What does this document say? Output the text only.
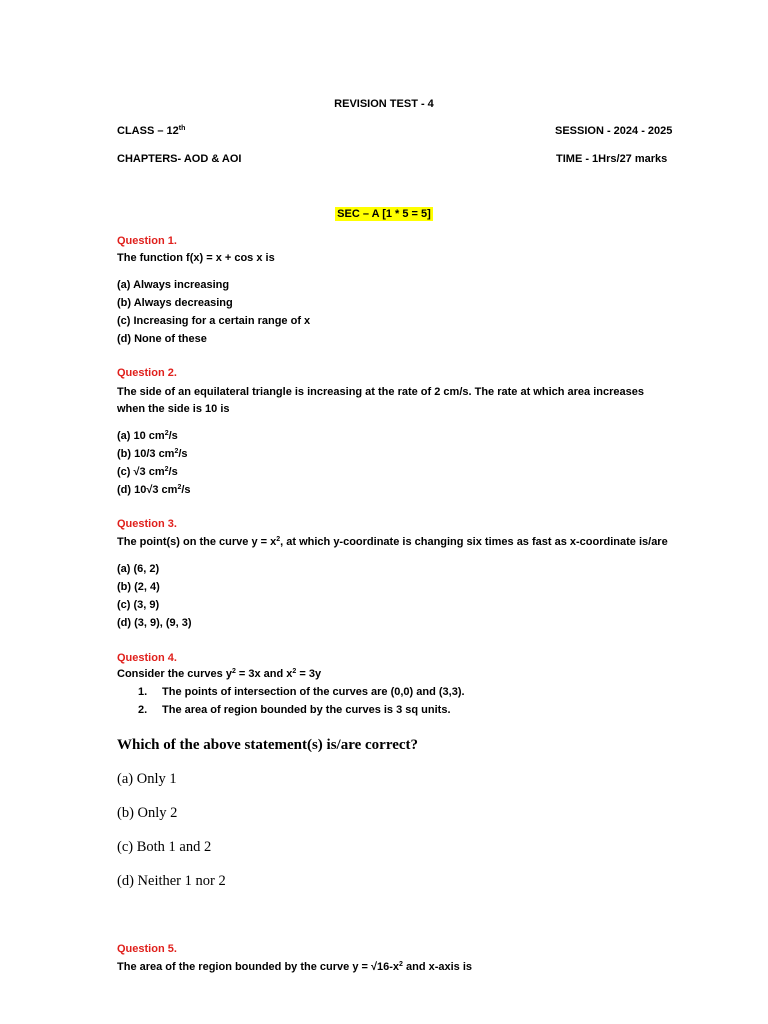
REVISION TEST - 4
CLASS – 12th	SESSION - 2024 - 2025
CHAPTERS- AOD & AOI	TIME - 1Hrs/27 marks
SEC – A [1 * 5 = 5]
Question 1.
The function f(x) = x + cos x is
(a) Always increasing
(b) Always decreasing
(c) Increasing for a certain range of x
(d) None of these
Question 2.
The side of an equilateral triangle is increasing at the rate of 2 cm/s. The rate at which area increases
when the side is 10 is
(a) 10 $cm^2/s$
(b) 10/3 $cm^2/s$
(c) √3 $cm^2/s$
(d) 10√3 $cm^2/s$
Question 3.
The point(s) on the curve $y = x^2$, at which y-coordinate is changing six times as fast as x-coordinate is/are
(a) (6, 2)
(b) (2, 4)
(c) (3, 9)
(d) (3, 9), (9, 3)
Question 4.
Consider the curves $y^2 = 3x$ and $x^2 = 3y$
1. The points of intersection of the curves are (0,0) and (3,3).
2. The area of region bounded by the curves is 3 sq units.
Which of the above statement(s) is/are correct?
(a) Only 1
(b) Only 2
(c) Both 1 and 2
(d) Neither 1 nor 2
Question 5.
The area of the region bounded by the curve $y = √16-x^2$ and x-axis is
